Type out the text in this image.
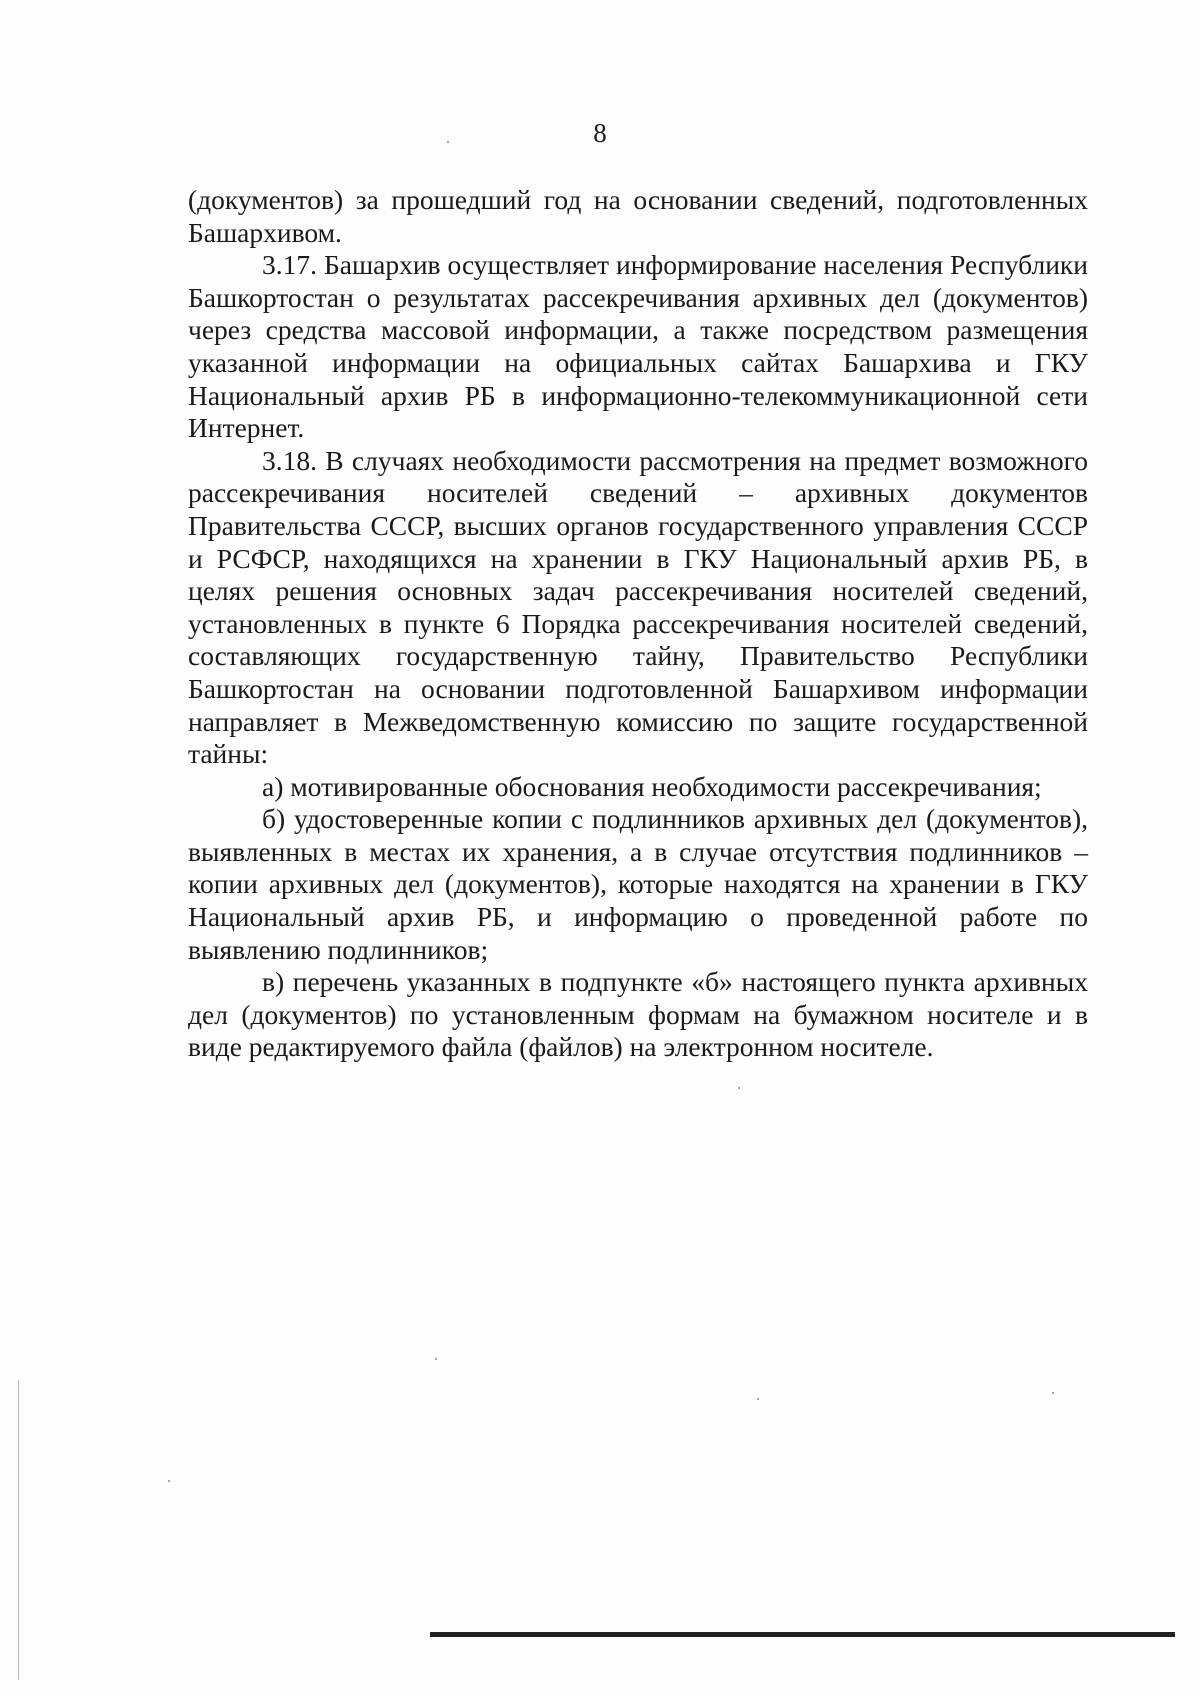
8

(документов) за прошедший год на основании сведений, подготовленных Башархивом.

3.17. Башархив осуществляет информирование населения Республики Башкортостан о результатах рассекречивания архивных дел (документов) через средства массовой информации, а также посредством размещения указанной информации на официальных сайтах Башархива и ГКУ Национальный архив РБ в информационно-телекоммуникационной сети Интернет.

3.18. В случаях необходимости рассмотрения на предмет возможного рассекречивания носителей сведений – архивных документов Правительства СССР, высших органов государственного управления СССР и РСФСР, находящихся на хранении в ГКУ Национальный архив РБ, в целях решения основных задач рассекречивания носителей сведений, установленных в пункте 6 Порядка рассекречивания носителей сведений, составляющих государственную тайну, Правительство Республики Башкортостан на основании подготовленной Башархивом информации направляет в Межведомственную комиссию по защите государственной тайны:

а) мотивированные обоснования необходимости рассекречивания;

б) удостоверенные копии с подлинников архивных дел (документов), выявленных в местах их хранения, а в случае отсутствия подлинников – копии архивных дел (документов), которые находятся на хранении в ГКУ Национальный архив РБ, и информацию о проведенной работе по выявлению подлинников;

в) перечень указанных в подпункте «б» настоящего пункта архивных дел (документов) по установленным формам на бумажном носителе и в виде редактируемого файла (файлов) на электронном носителе.
